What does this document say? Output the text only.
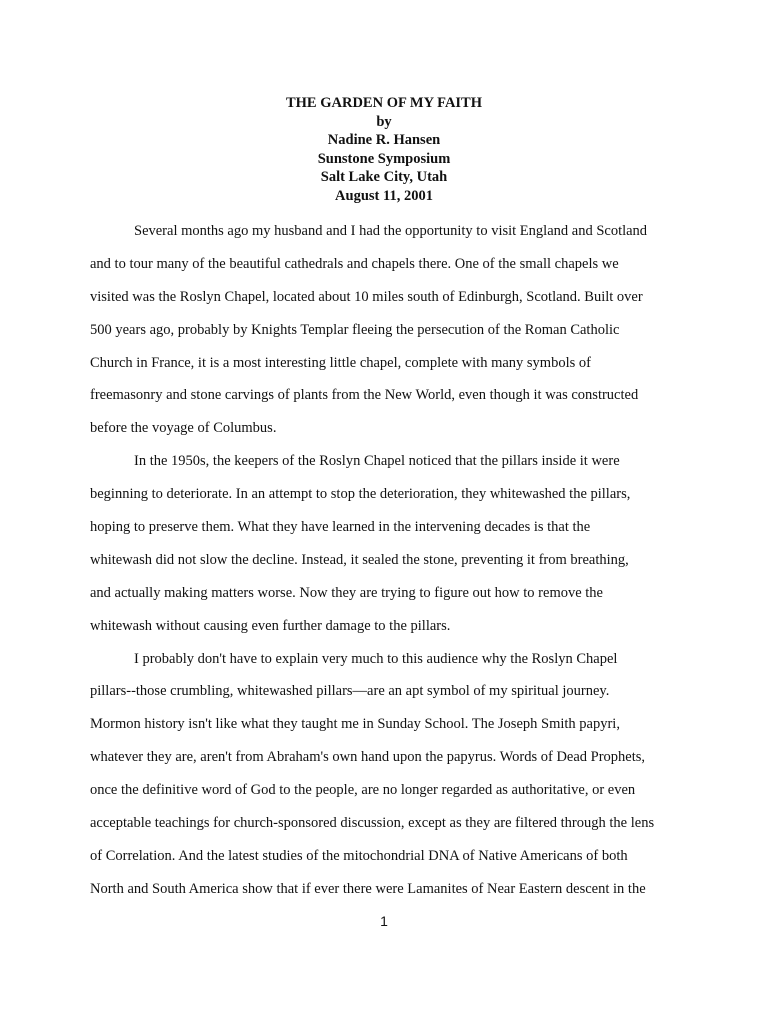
THE GARDEN OF MY FAITH
by
Nadine R. Hansen
Sunstone Symposium
Salt Lake City, Utah
August 11, 2001
Several months ago my husband and I had the opportunity to visit England and Scotland
and to tour many of the beautiful cathedrals and chapels there. One of the small chapels we
visited was the Roslyn Chapel, located about 10 miles south of Edinburgh, Scotland. Built over
500 years ago, probably by Knights Templar fleeing the persecution of the Roman Catholic
Church in France, it is a most interesting little chapel, complete with many symbols of
freemasonry and stone carvings of plants from the New World, even though it was constructed
before the voyage of Columbus.
In the 1950s, the keepers of the Roslyn Chapel noticed that the pillars inside it were
beginning to deteriorate. In an attempt to stop the deterioration, they whitewashed the pillars,
hoping to preserve them. What they have learned in the intervening decades is that the
whitewash did not slow the decline. Instead, it sealed the stone, preventing it from breathing,
and actually making matters worse. Now they are trying to figure out how to remove the
whitewash without causing even further damage to the pillars.
I probably don't have to explain very much to this audience why the Roslyn Chapel
pillars--those crumbling, whitewashed pillars—are an apt symbol of my spiritual journey.
Mormon history isn't like what they taught me in Sunday School. The Joseph Smith papyri,
whatever they are, aren't from Abraham's own hand upon the papyrus. Words of Dead Prophets,
once the definitive word of God to the people, are no longer regarded as authoritative, or even
acceptable teachings for church-sponsored discussion, except as they are filtered through the lens
of Correlation. And the latest studies of the mitochondrial DNA of Native Americans of both
North and South America show that if ever there were Lamanites of Near Eastern descent in the
1
